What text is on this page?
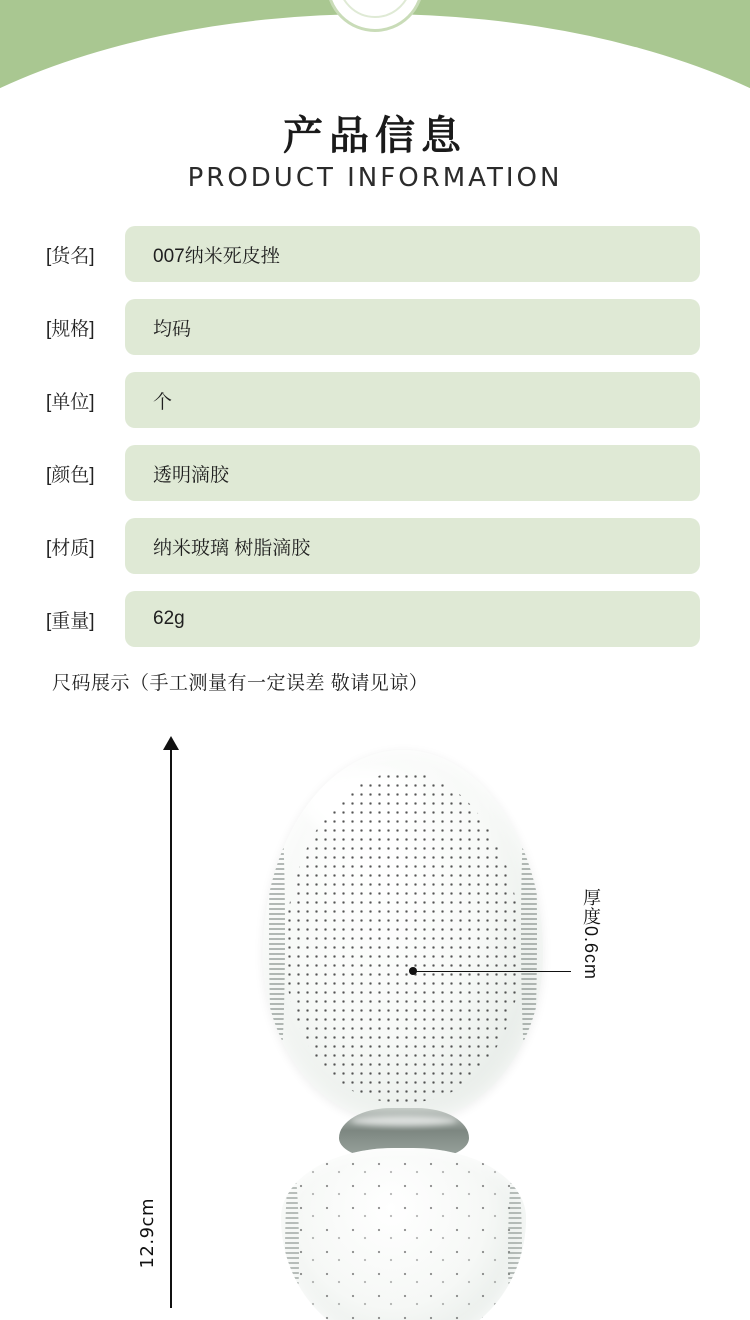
产品信息
PRODUCT INFORMATION
[货名]	007纳米死皮挫
[规格]	均码
[单位]	个
[颜色]	透明滴胶
[材质]	纳米玻璃 树脂滴胶
[重量]	62g
尺码展示（手工测量有一定误差 敬请见谅）
12.9cm
厚度0.6cm
